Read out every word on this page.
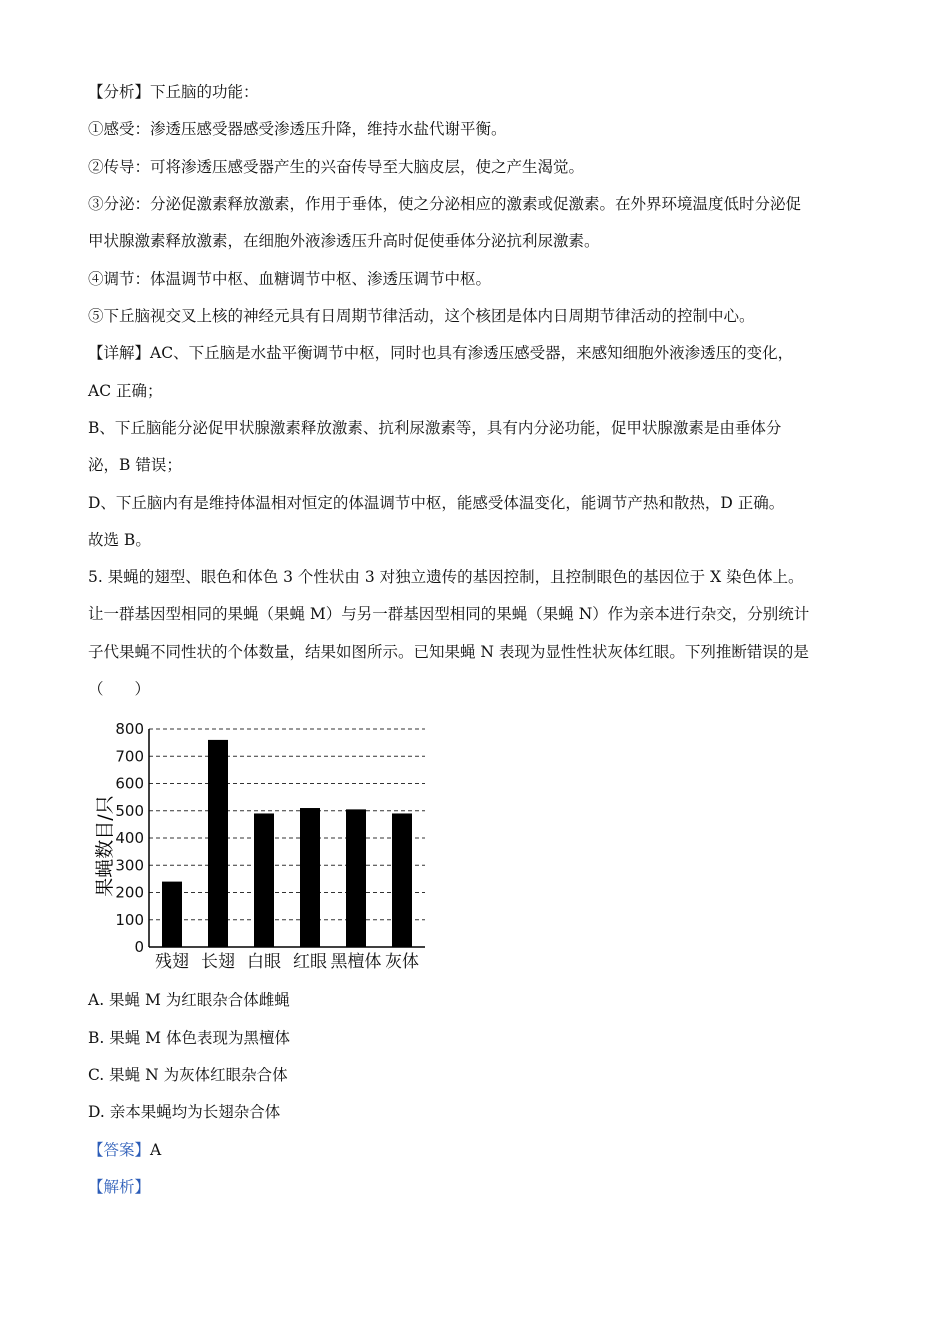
【分析】下丘脑的功能：
①感受：渗透压感受器感受渗透压升降，维持水盐代谢平衡。
②传导：可将渗透压感受器产生的兴奋传导至大脑皮层，使之产生渴觉。
③分泌：分泌促激素释放激素，作用于垂体，使之分泌相应的激素或促激素。在外界环境温度低时分泌促
甲状腺激素释放激素，在细胞外液渗透压升高时促使垂体分泌抗利尿激素。
④调节：体温调节中枢、血糖调节中枢、渗透压调节中枢。
⑤下丘脑视交叉上核的神经元具有日周期节律活动，这个核团是体内日周期节律活动的控制中心。
【详解】AC、下丘脑是水盐平衡调节中枢，同时也具有渗透压感受器，来感知细胞外液渗透压的变化，
AC 正确；
B、下丘脑能分泌促甲状腺激素释放激素、抗利尿激素等，具有内分泌功能，促甲状腺激素是由垂体分
泌，B 错误；
D、下丘脑内有是维持体温相对恒定的体温调节中枢，能感受体温变化，能调节产热和散热，D 正确。
故选 B。
5. 果蝇的翅型、眼色和体色 3 个性状由 3 对独立遗传的基因控制，且控制眼色的基因位于 X 染色体上。
让一群基因型相同的果蝇（果蝇 M）与另一群基因型相同的果蝇（果蝇 N）作为亲本进行杂交，分别统计
子代果蝇不同性状的个体数量，结果如图所示。已知果蝇 N 表现为显性性状灰体红眼。下列推断错误的是
（　　）
果蝇数目/只
0
100
200
300
400
500
600
700
800
残翅 长翅 白眼 红眼 黑檀体 灰体
A. 果蝇 M 为红眼杂合体雌蝇
B. 果蝇 M 体色表现为黑檀体
C. 果蝇 N 为灰体红眼杂合体
D. 亲本果蝇均为长翅杂合体
【答案】A
【解析】
